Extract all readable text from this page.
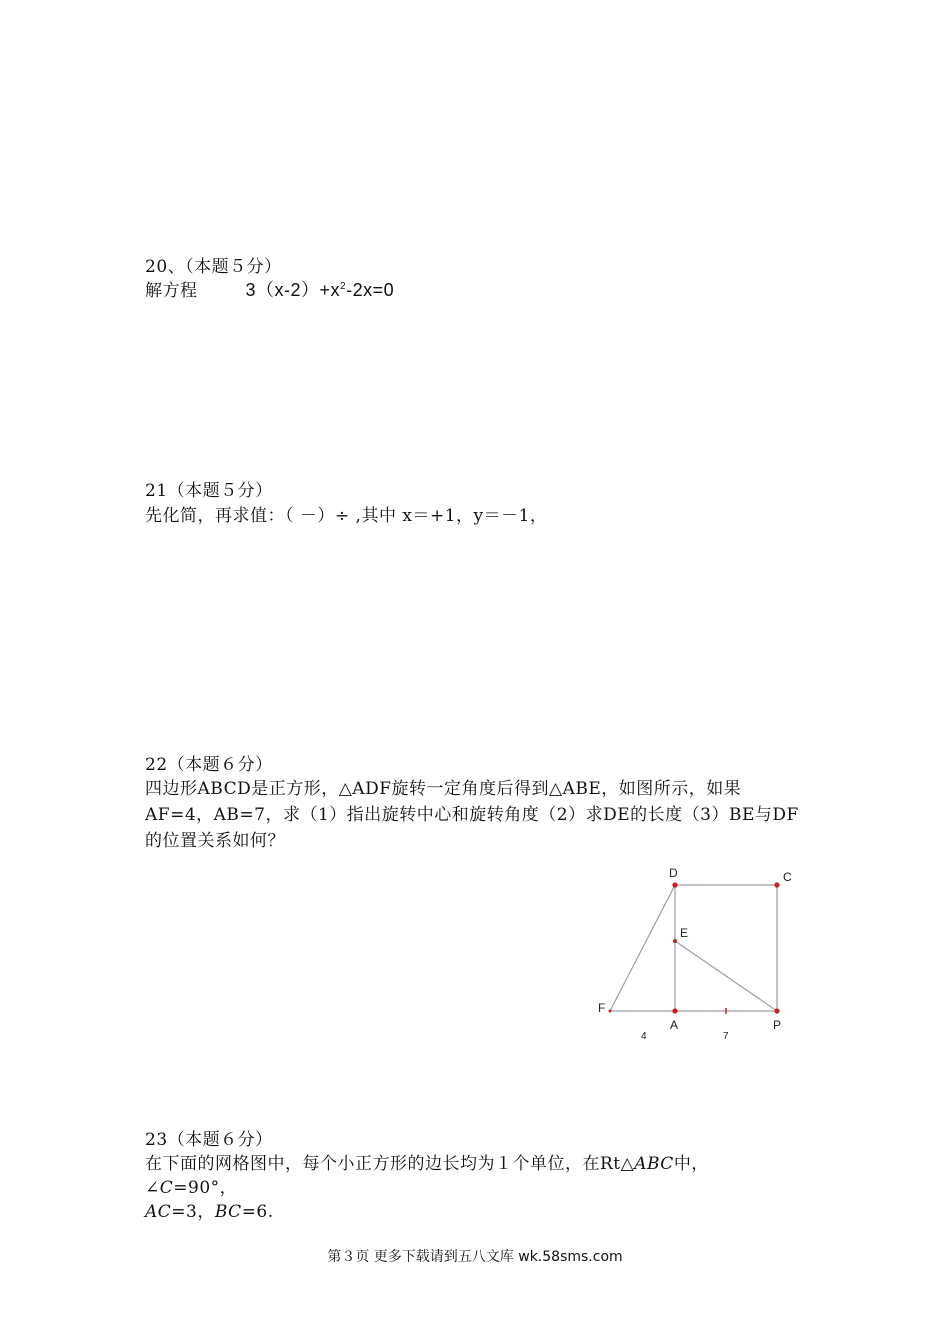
20、（本题５分）
解方程	$3(x-2)+x^2-2x=0$
21（本题５分）
先化简，再求值：（ －）÷ ,其中 x＝+1，y＝－1，
22（本题６分）
四边形ABCD是正方形，△ADF旋转一定角度后得到△ABE，如图所示，如果
AF=4，AB=7，求（1）指出旋转中心和旋转角度（2）求DE的长度（3）BE与DF
的位置关系如何？
D	C
E
F
A	P
4	7
23（本题６分）
在下面的网格图中，每个小正方形的边长均为１个单位，在Rt△ABC中，
∠C=90°，
AC=3，BC=6.
第３页 更多下载请到五八文库 wk.58sms.com
